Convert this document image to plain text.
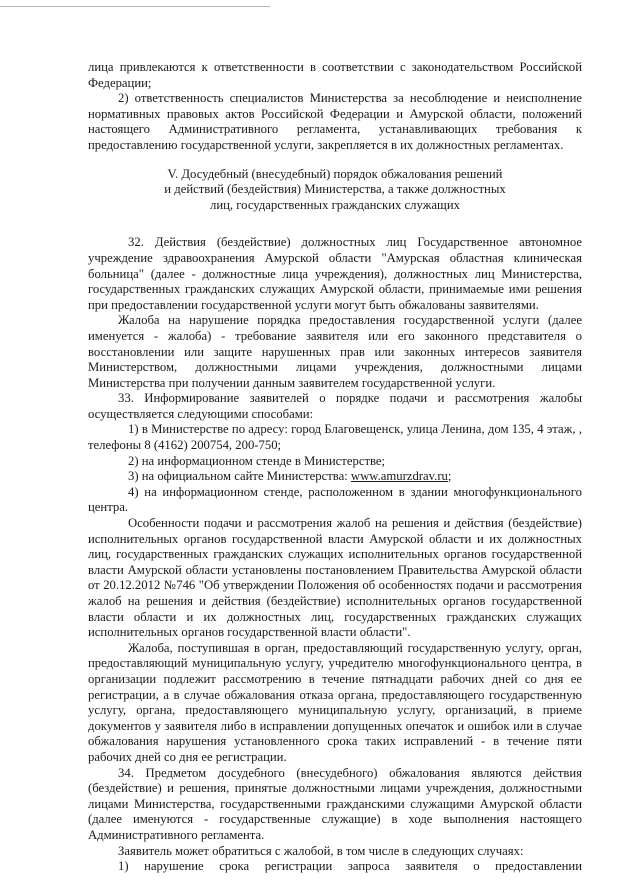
лица привлекаются к ответственности в соответствии с законодательством Российской Федерации;

2) ответственность специалистов Министерства за несоблюдение и неисполнение нормативных правовых актов Российской Федерации и Амурской области, положений настоящего Административного регламента, устанавливающих требования к предоставлению государственной услуги, закрепляется в их должностных регламентах.

V. Досудебный (внесудебный) порядок обжалования решений
и действий (бездействия) Министерства, а также должностных
лиц, государственных гражданских служащих

32. Действия (бездействие) должностных лиц Государственное автономное учреждение здравоохранения Амурской области "Амурская областная клиническая больница" (далее - должностные лица учреждения), должностных лиц Министерства, государственных гражданских служащих Амурской области, принимаемые ими решения при предоставлении государственной услуги могут быть обжалованы заявителями.

Жалоба на нарушение порядка предоставления государственной услуги (далее именуется - жалоба) - требование заявителя или его законного представителя о восстановлении или защите нарушенных прав или законных интересов заявителя Министерством, должностными лицами учреждения, должностными лицами Министерства при получении данным заявителем государственной услуги.

33. Информирование заявителей о порядке подачи и рассмотрения жалобы осуществляется следующими способами:

1) в Министерстве по адресу: город Благовещенск, улица Ленина, дом 135, 4 этаж, , телефоны 8 (4162) 200754, 200-750;

2) на информационном стенде в Министерстве;

3) на официальном сайте Министерства: www.amurzdrav.ru;

4) на информационном стенде, расположенном в здании многофункционального центра.

Особенности подачи и рассмотрения жалоб на решения и действия (бездействие) исполнительных органов государственной власти Амурской области и их должностных лиц, государственных гражданских служащих исполнительных органов государственной власти Амурской области установлены постановлением Правительства Амурской области от 20.12.2012 №746 "Об утверждении Положения об особенностях подачи и рассмотрения жалоб на решения и действия (бездействие) исполнительных органов государственной власти области и их должностных лиц, государственных гражданских служащих исполнительных органов государственной власти области".

Жалоба, поступившая в орган, предоставляющий государственную услугу, орган, предоставляющий муниципальную услугу, учредителю многофункционального центра, в организации подлежит рассмотрению в течение пятнадцати рабочих дней со дня ее регистрации, а в случае обжалования отказа органа, предоставляющего государственную услугу, органа, предоставляющего муниципальную услугу, организаций, в приеме документов у заявителя либо в исправлении допущенных опечаток и ошибок или в случае обжалования нарушения установленного срока таких исправлений - в течение пяти рабочих дней со дня ее регистрации.

34. Предметом досудебного (внесудебного) обжалования являются действия (бездействие) и решения, принятые должностными лицами учреждения, должностными лицами Министерства, государственными гражданскими служащими Амурской области (далее именуются - государственные служащие) в ходе выполнения настоящего Административного регламента.

Заявитель может обратиться с жалобой, в том числе в следующих случаях:

1) нарушение срока регистрации запроса заявителя о предоставлении
